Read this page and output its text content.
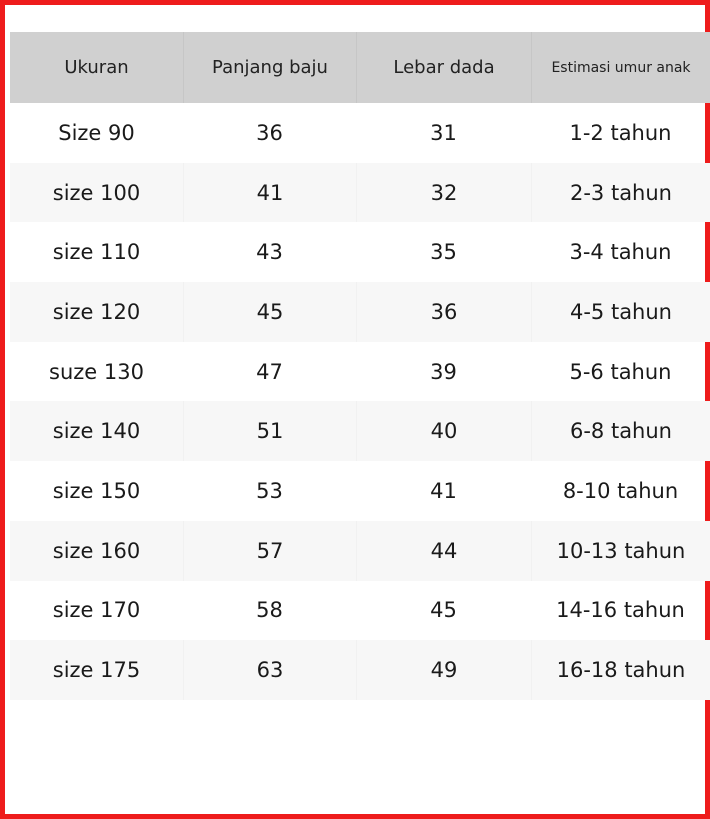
Ukuran	Panjang baju	Lebar dada	Estimasi umur anak
Size 90	36	31	1-2 tahun
size 100	41	32	2-3 tahun
size 110	43	35	3-4 tahun
size 120	45	36	4-5 tahun
suze 130	47	39	5-6 tahun
size 140	51	40	6-8 tahun
size 150	53	41	8-10 tahun
size 160	57	44	10-13 tahun
size 170	58	45	14-16 tahun
size 175	63	49	16-18 tahun
